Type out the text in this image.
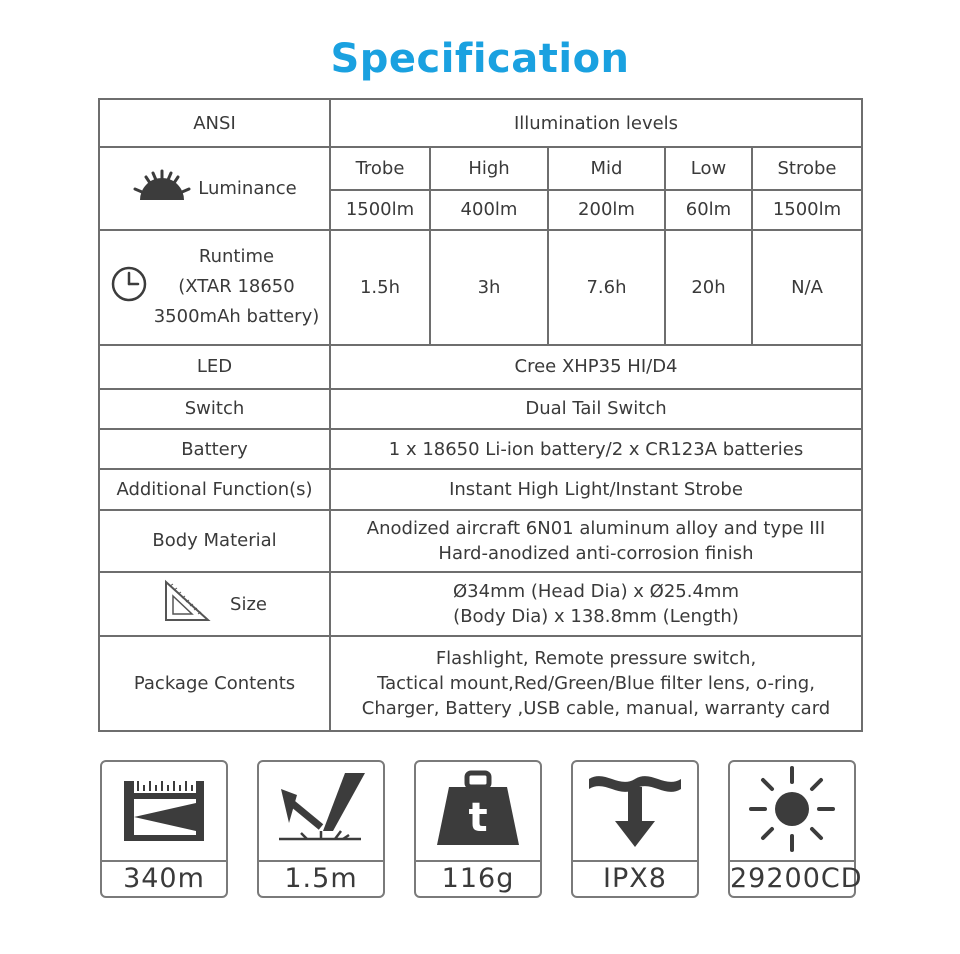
Specification
ANSI	Illumination levels				

Luminance	Trobe	High	Mid	Low	Strobe
	1500lm	400lm	200lm	60lm	1500lm

Runtime
(XTAR 18650
3500mAh battery)	1.5h	3h	7.6h	20h	N/A
LED	Cree XHP35 HI/D4				
Switch	Dual Tail Switch				
Battery	1 x 18650 Li-ion battery/2 x CR123A batteries				
Additional Function(s)	Instant High Light/Instant Strobe				
Body Material	Anodized aircraft 6N01 aluminum alloy and type III
Hard-anodized anti-corrosion finish				

Size	Ø34mm (Head Dia) x Ø25.4mm
(Body Dia) x 138.8mm (Length)				

Package Contents	Flashlight, Remote pressure switch,
Tactical mount,Red/Green/Blue filter lens, o-ring,
Charger, Battery ,USB cable, manual, warranty card				
340m	1.5m
t
116g	IPX8	29200CD
